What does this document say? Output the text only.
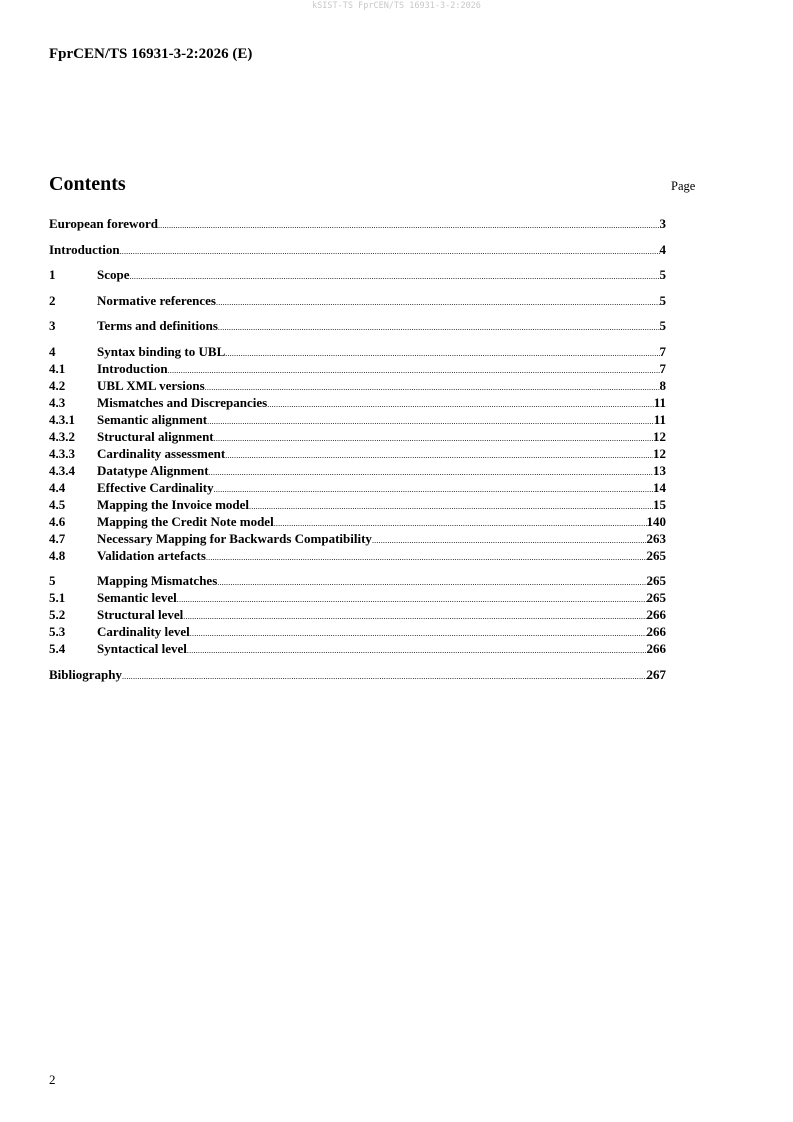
kSIST-TS FprCEN/TS 16931-3-2:2026
FprCEN/TS 16931-3-2:2026 (E)
Contents	Page
European foreword .....	3
Introduction .....	4
1	Scope .....	5
2	Normative references .....	5
3	Terms and definitions .....	5
4	Syntax binding to UBL .....	7
4.1	Introduction .....	7
4.2	UBL XML versions .....	8
4.3	Mismatches and Discrepancies .....	11
4.3.1	Semantic alignment .....	11
4.3.2	Structural alignment .....	12
4.3.3	Cardinality assessment .....	12
4.3.4	Datatype Alignment .....	13
4.4	Effective Cardinality .....	14
4.5	Mapping the Invoice model .....	15
4.6	Mapping the Credit Note model .....	140
4.7	Necessary Mapping for Backwards Compatibility .....	263
4.8	Validation artefacts .....	265
5	Mapping Mismatches .....	265
5.1	Semantic level .....	265
5.2	Structural level .....	266
5.3	Cardinality level .....	266
5.4	Syntactical level .....	266
Bibliography .....	267
2
